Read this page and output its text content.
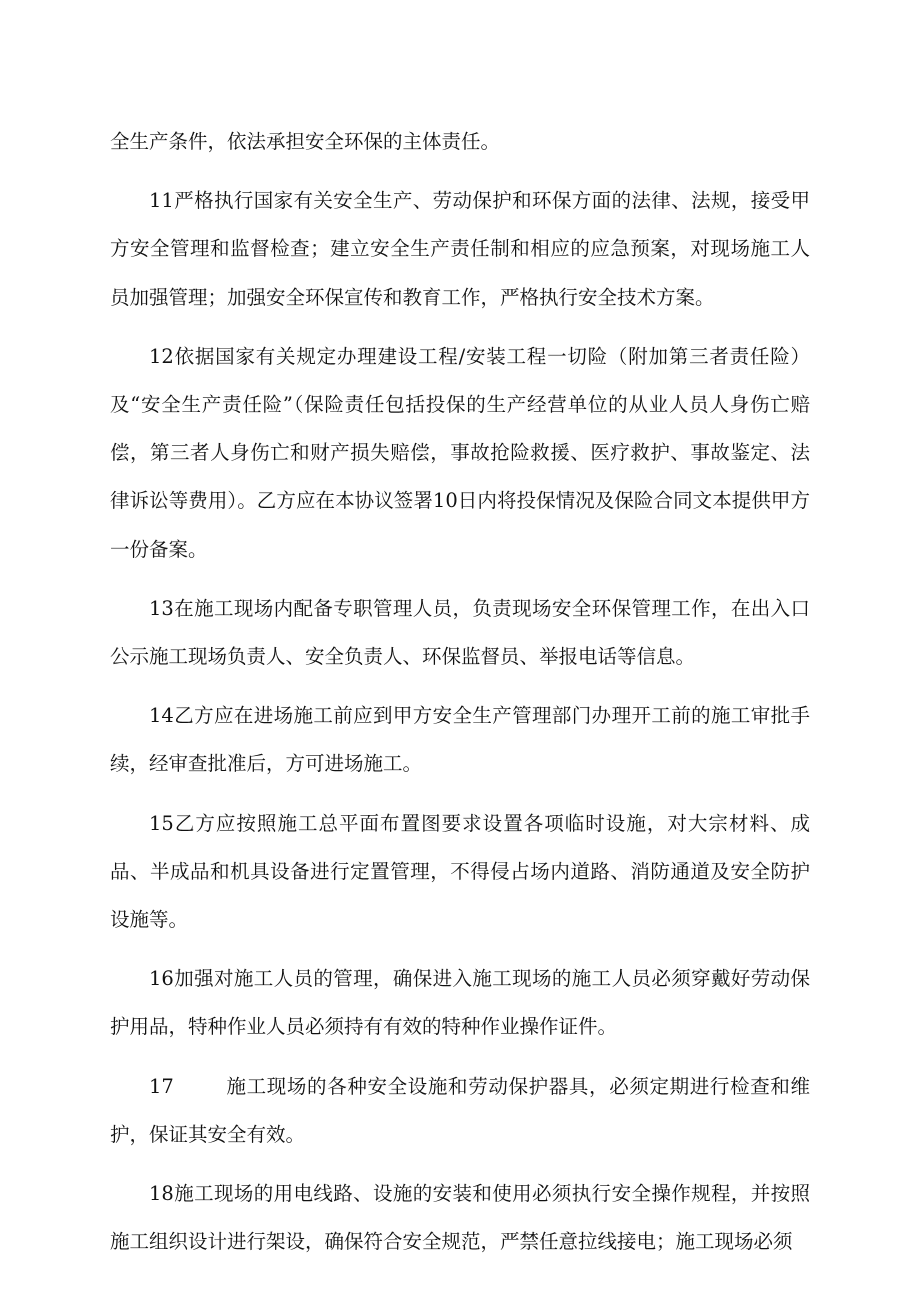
全生产条件，依法承担安全环保的主体责任。

11严格执行国家有关安全生产、劳动保护和环保方面的法律、法规，接受甲方安全管理和监督检查；建立安全生产责任制和相应的应急预案，对现场施工人员加强管理；加强安全环保宣传和教育工作，严格执行安全技术方案。

12依据国家有关规定办理建设工程/安装工程一切险（附加第三者责任险）及“安全生产责任险”（保险责任包括投保的生产经营单位的从业人员人身伤亡赔偿，第三者人身伤亡和财产损失赔偿，事故抢险救援、医疗救护、事故鉴定、法律诉讼等费用）。乙方应在本协议签署10日内将投保情况及保险合同文本提供甲方一份备案。

13在施工现场内配备专职管理人员，负责现场安全环保管理工作，在出入口公示施工现场负责人、安全负责人、环保监督员、举报电话等信息。

14乙方应在进场施工前应到甲方安全生产管理部门办理开工前的施工审批手续，经审查批准后，方可进场施工。

15乙方应按照施工总平面布置图要求设置各项临时设施，对大宗材料、成品、半成品和机具设备进行定置管理，不得侵占场内道路、消防通道及安全防护设施等。

16加强对施工人员的管理，确保进入施工现场的施工人员必须穿戴好劳动保护用品，特种作业人员必须持有有效的特种作业操作证件。

17	施工现场的各种安全设施和劳动保护器具，必须定期进行检查和维护，保证其安全有效。

18施工现场的用电线路、设施的安装和使用必须执行安全操作规程，并按照施工组织设计进行架设，确保符合安全规范，严禁任意拉线接电；施工现场必须
